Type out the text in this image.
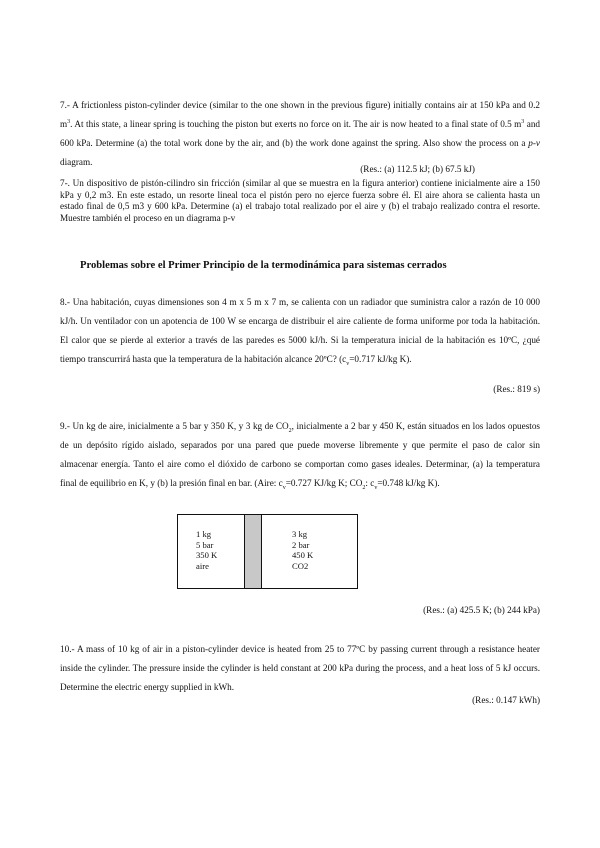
7.- A frictionless piston-cylinder device (similar to the one shown in the previous figure) initially contains air at 150 kPa and 0.2 $m^3$. At this state, a linear spring is touching the piston but exerts no force on it. The air is now heated to a final state of 0.5 $m^3$ and 600 kPa. Determine (a) the total work done by the air, and (b) the work done against the spring. Also show the process on a p-v diagram.

(Res.: (a) 112.5 kJ; (b) 67.5 kJ)

7-. Un dispositivo de pistón-cilindro sin fricción (similar al que se muestra en la figura anterior) contiene inicialmente aire a 150 kPa y 0,2 m3. En este estado, un resorte lineal toca el pistón pero no ejerce fuerza sobre él. El aire ahora se calienta hasta un estado final de 0,5 m3 y 600 kPa. Determine (a) el trabajo total realizado por el aire y (b) el trabajo realizado contra el resorte. Muestre también el proceso en un diagrama p-v

Problemas sobre el Primer Principio de la termodinámica para sistemas cerrados

8.- Una habitación, cuyas dimensiones son 4 m x 5 m x 7 m, se calienta con un radiador que suministra calor a razón de 10 000 kJ/h. Un ventilador con un apotencia de 100 W se encarga de distribuir el aire caliente de forma uniforme por toda la habitación. El calor que se pierde al exterior a través de las paredes es 5000 kJ/h. Si la temperatura inicial de la habitación es 10ºC, ¿qué tiempo transcurrirá hasta que la temperatura de la habitación alcance 20ºC? ($c_v=0.717$ kJ/kg K).

(Res.: 819 s)

9.- Un kg de aire, inicialmente a 5 bar y 350 K, y 3 kg de $CO_2$, inicialmente a 2 bar y 450 K, están situados en los lados opuestos de un depósito rígido aislado, separados por una pared que puede moverse libremente y que permite el paso de calor sin almacenar energía. Tanto el aire como el dióxido de carbono se comportan como gases ideales. Determinar, (a) la temperatura final de equilibrio en K, y (b) la presión final en bar. (Aire: $c_v=0.727$ KJ/kg K; $CO_2$: $c_v=0.748$ kJ/kg K).

1 kg
5 bar
350 K
aire
3 kg
2 bar
450 K
CO2

(Res.: (a) 425.5 K; (b) 244 kPa)

10.- A mass of 10 kg of air in a piston-cylinder device is heated from 25 to 77ºC by passing current through a resistance heater inside the cylinder. The pressure inside the cylinder is held constant at 200 kPa during the process, and a heat loss of 5 kJ occurs. Determine the electric energy supplied in kWh.

(Res.: 0.147 kWh)
